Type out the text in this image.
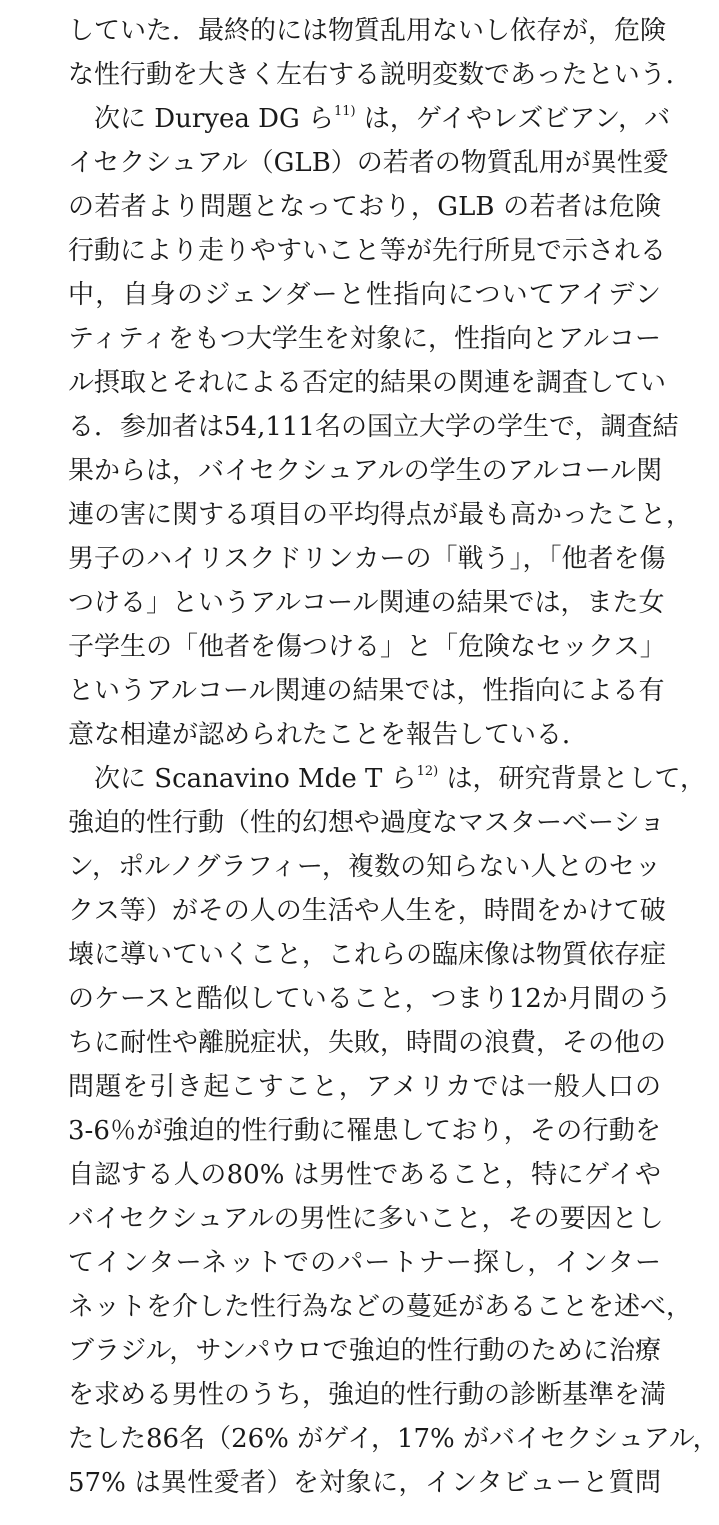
していた．最終的には物質乱用ないし依存が，危険
な性行動を大きく左右する説明変数であったという．
次に Duryea DG ら$^{11)}$ は，ゲイやレズビアン，バ
イセクシュアル（GLB）の若者の物質乱用が異性愛
の若者より問題となっており，GLB の若者は危険
行動により走りやすいこと等が先行所見で示される
中，自身のジェンダーと性指向についてアイデン
ティティをもつ大学生を対象に，性指向とアルコー
ル摂取とそれによる否定的結果の関連を調査してい
る．参加者は54,111名の国立大学の学生で，調査結
果からは，バイセクシュアルの学生のアルコール関
連の害に関する項目の平均得点が最も高かったこと，
男子のハイリスクドリンカーの「戦う」，「他者を傷
つける」というアルコール関連の結果では，また女
子学生の「他者を傷つける」と「危険なセックス」
というアルコール関連の結果では，性指向による有
意な相違が認められたことを報告している．
次に Scanavino Mde T ら$^{12)}$ は，研究背景として，
強迫的性行動（性的幻想や過度なマスターベーショ
ン，ポルノグラフィー，複数の知らない人とのセッ
クス等）がその人の生活や人生を，時間をかけて破
壊に導いていくこと，これらの臨床像は物質依存症
のケースと酷似していること，つまり12か月間のう
ちに耐性や離脱症状，失敗，時間の浪費，その他の
問題を引き起こすこと，アメリカでは一般人口の
3-6％が強迫的性行動に罹患しており，その行動を
自認する人の80% は男性であること，特にゲイや
バイセクシュアルの男性に多いこと，その要因とし
てインターネットでのパートナー探し，インター
ネットを介した性行為などの蔓延があることを述べ，
ブラジル，サンパウロで強迫的性行動のために治療
を求める男性のうち，強迫的性行動の診断基準を満
たした86名（26% がゲイ，17% がバイセクシュアル，
57% は異性愛者）を対象に，インタビューと質問
